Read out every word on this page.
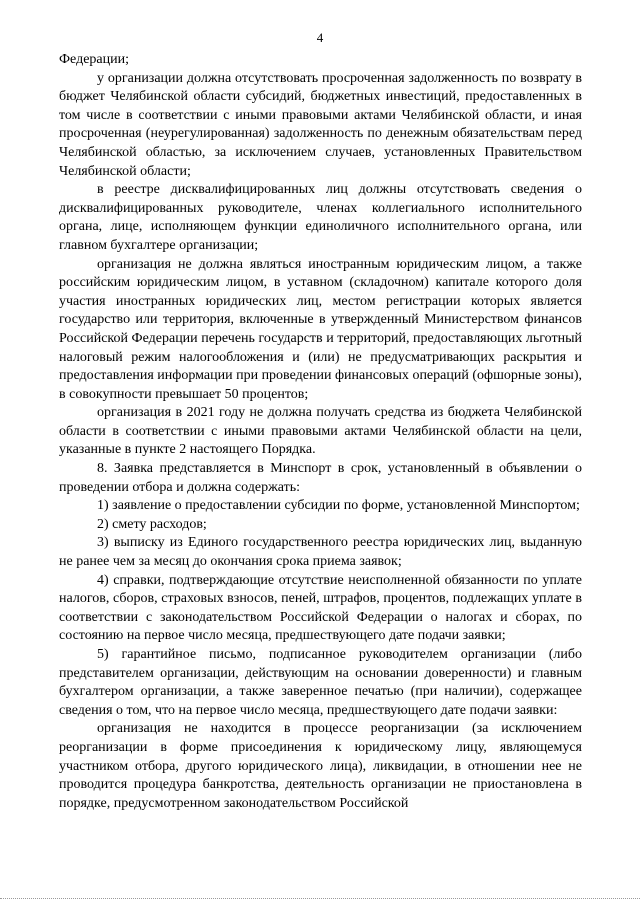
4

Федерации;

у организации должна отсутствовать просроченная задолженность по возврату в бюджет Челябинской области субсидий, бюджетных инвестиций, предоставленных в том числе в соответствии с иными правовыми актами Челябинской области, и иная просроченная (неурегулированная) задолженность по денежным обязательствам перед Челябинской областью, за исключением случаев, установленных Правительством Челябинской области;

в реестре дисквалифицированных лиц должны отсутствовать сведения о дисквалифицированных руководителе, членах коллегиального исполнительного органа, лице, исполняющем функции единоличного исполнительного органа, или главном бухгалтере организации;

организация не должна являться иностранным юридическим лицом, а также российским юридическим лицом, в уставном (складочном) капитале которого доля участия иностранных юридических лиц, местом регистрации которых является государство или территория, включенные в утвержденный Министерством финансов Российской Федерации перечень государств и территорий, предоставляющих льготный налоговый режим налогообложения и (или) не предусматривающих раскрытия и предоставления информации при проведении финансовых операций (офшорные зоны), в совокупности превышает 50 процентов;

организация в 2021 году не должна получать средства из бюджета Челябинской области в соответствии с иными правовыми актами Челябинской области на цели, указанные в пункте 2 настоящего Порядка.

8. Заявка представляется в Минспорт в срок, установленный в объявлении о проведении отбора и должна содержать:

1) заявление о предоставлении субсидии по форме, установленной Минспортом;

2) смету расходов;

3) выписку из Единого государственного реестра юридических лиц, выданную не ранее чем за месяц до окончания срока приема заявок;

4) справки, подтверждающие отсутствие неисполненной обязанности по уплате налогов, сборов, страховых взносов, пеней, штрафов, процентов, подлежащих уплате в соответствии с законодательством Российской Федерации о налогах и сборах, по состоянию на первое число месяца, предшествующего дате подачи заявки;

5) гарантийное письмо, подписанное руководителем организации (либо представителем организации, действующим на основании доверенности) и главным бухгалтером организации, а также заверенное печатью (при наличии), содержащее сведения о том, что на первое число месяца, предшествующего дате подачи заявки:

организация не находится в процессе реорганизации (за исключением реорганизации в форме присоединения к юридическому лицу, являющемуся участником отбора, другого юридического лица), ликвидации, в отношении нее не проводится процедура банкротства, деятельность организации не приостановлена в порядке, предусмотренном законодательством Российской
